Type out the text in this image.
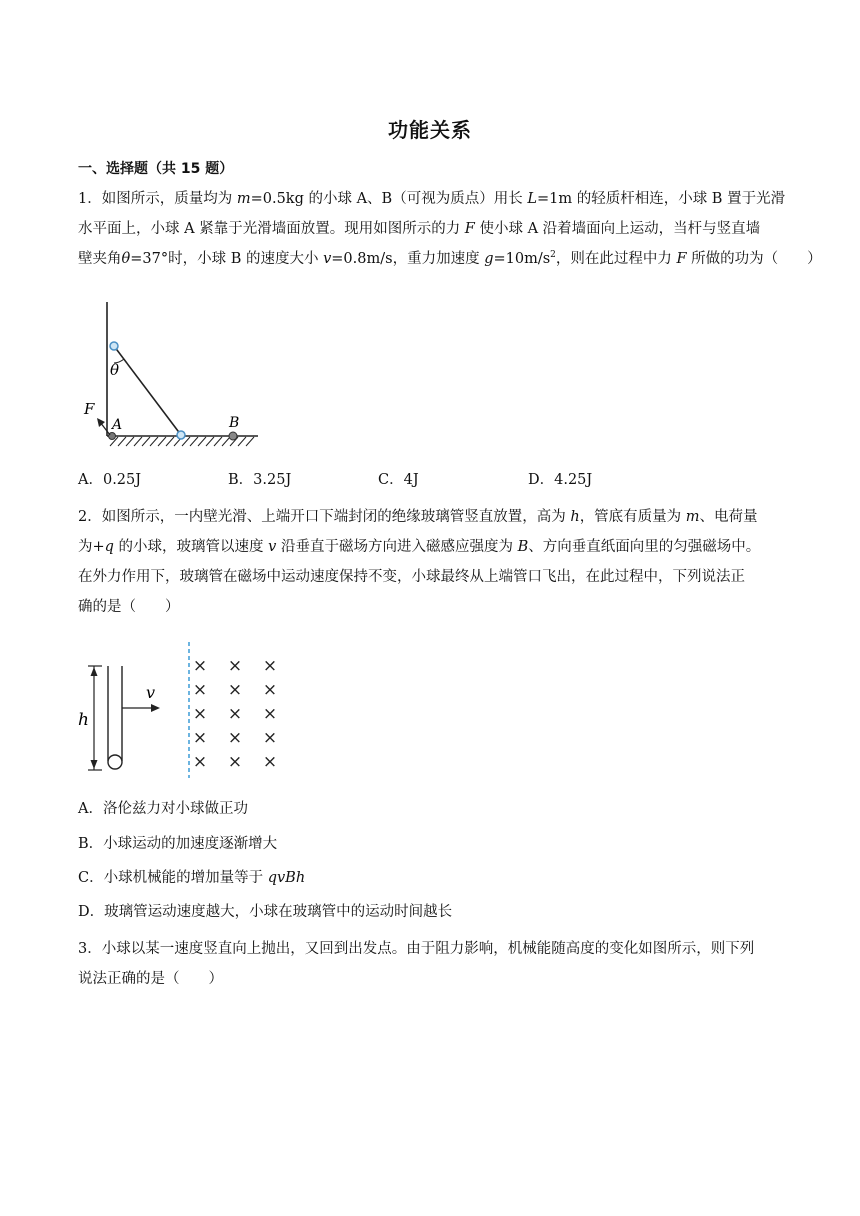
功能关系
一、选择题（共 15 题）
1．如图所示，质量均为 m=0.5kg 的小球 A、B（可视为质点）用长 L=1m 的轻质杆相连，小球 B 置于光滑
水平面上，小球 A 紧靠于光滑墙面放置。现用如图所示的力 F 使小球 A 沿着墙面向上运动，当杆与竖直墙
壁夹角θ=37°时，小球 B 的速度大小 v=0.8m/s，重力加速度 $g=10m/s^2$，则在此过程中力 F 所做的功为（　　）
θ
F
A	B
A．0.25J	B．3.25J	C．4J	D．4.25J
2．如图所示，一内壁光滑、上端开口下端封闭的绝缘玻璃管竖直放置，高为 h，管底有质量为 m、电荷量
为+q 的小球，玻璃管以速度 v 沿垂直于磁场方向进入磁感应强度为 B、方向垂直纸面向里的匀强磁场中。
在外力作用下，玻璃管在磁场中运动速度保持不变，小球最终从上端管口飞出，在此过程中，下列说法正
确的是（　　）
h
v
× × ×
× × ×
× × ×
× × ×
× × ×
A．洛伦兹力对小球做正功
B．小球运动的加速度逐渐增大
C．小球机械能的增加量等于 qvBh
D．玻璃管运动速度越大，小球在玻璃管中的运动时间越长
3．小球以某一速度竖直向上抛出，又回到出发点。由于阻力影响，机械能随高度的变化如图所示，则下列
说法正确的是（　　）
